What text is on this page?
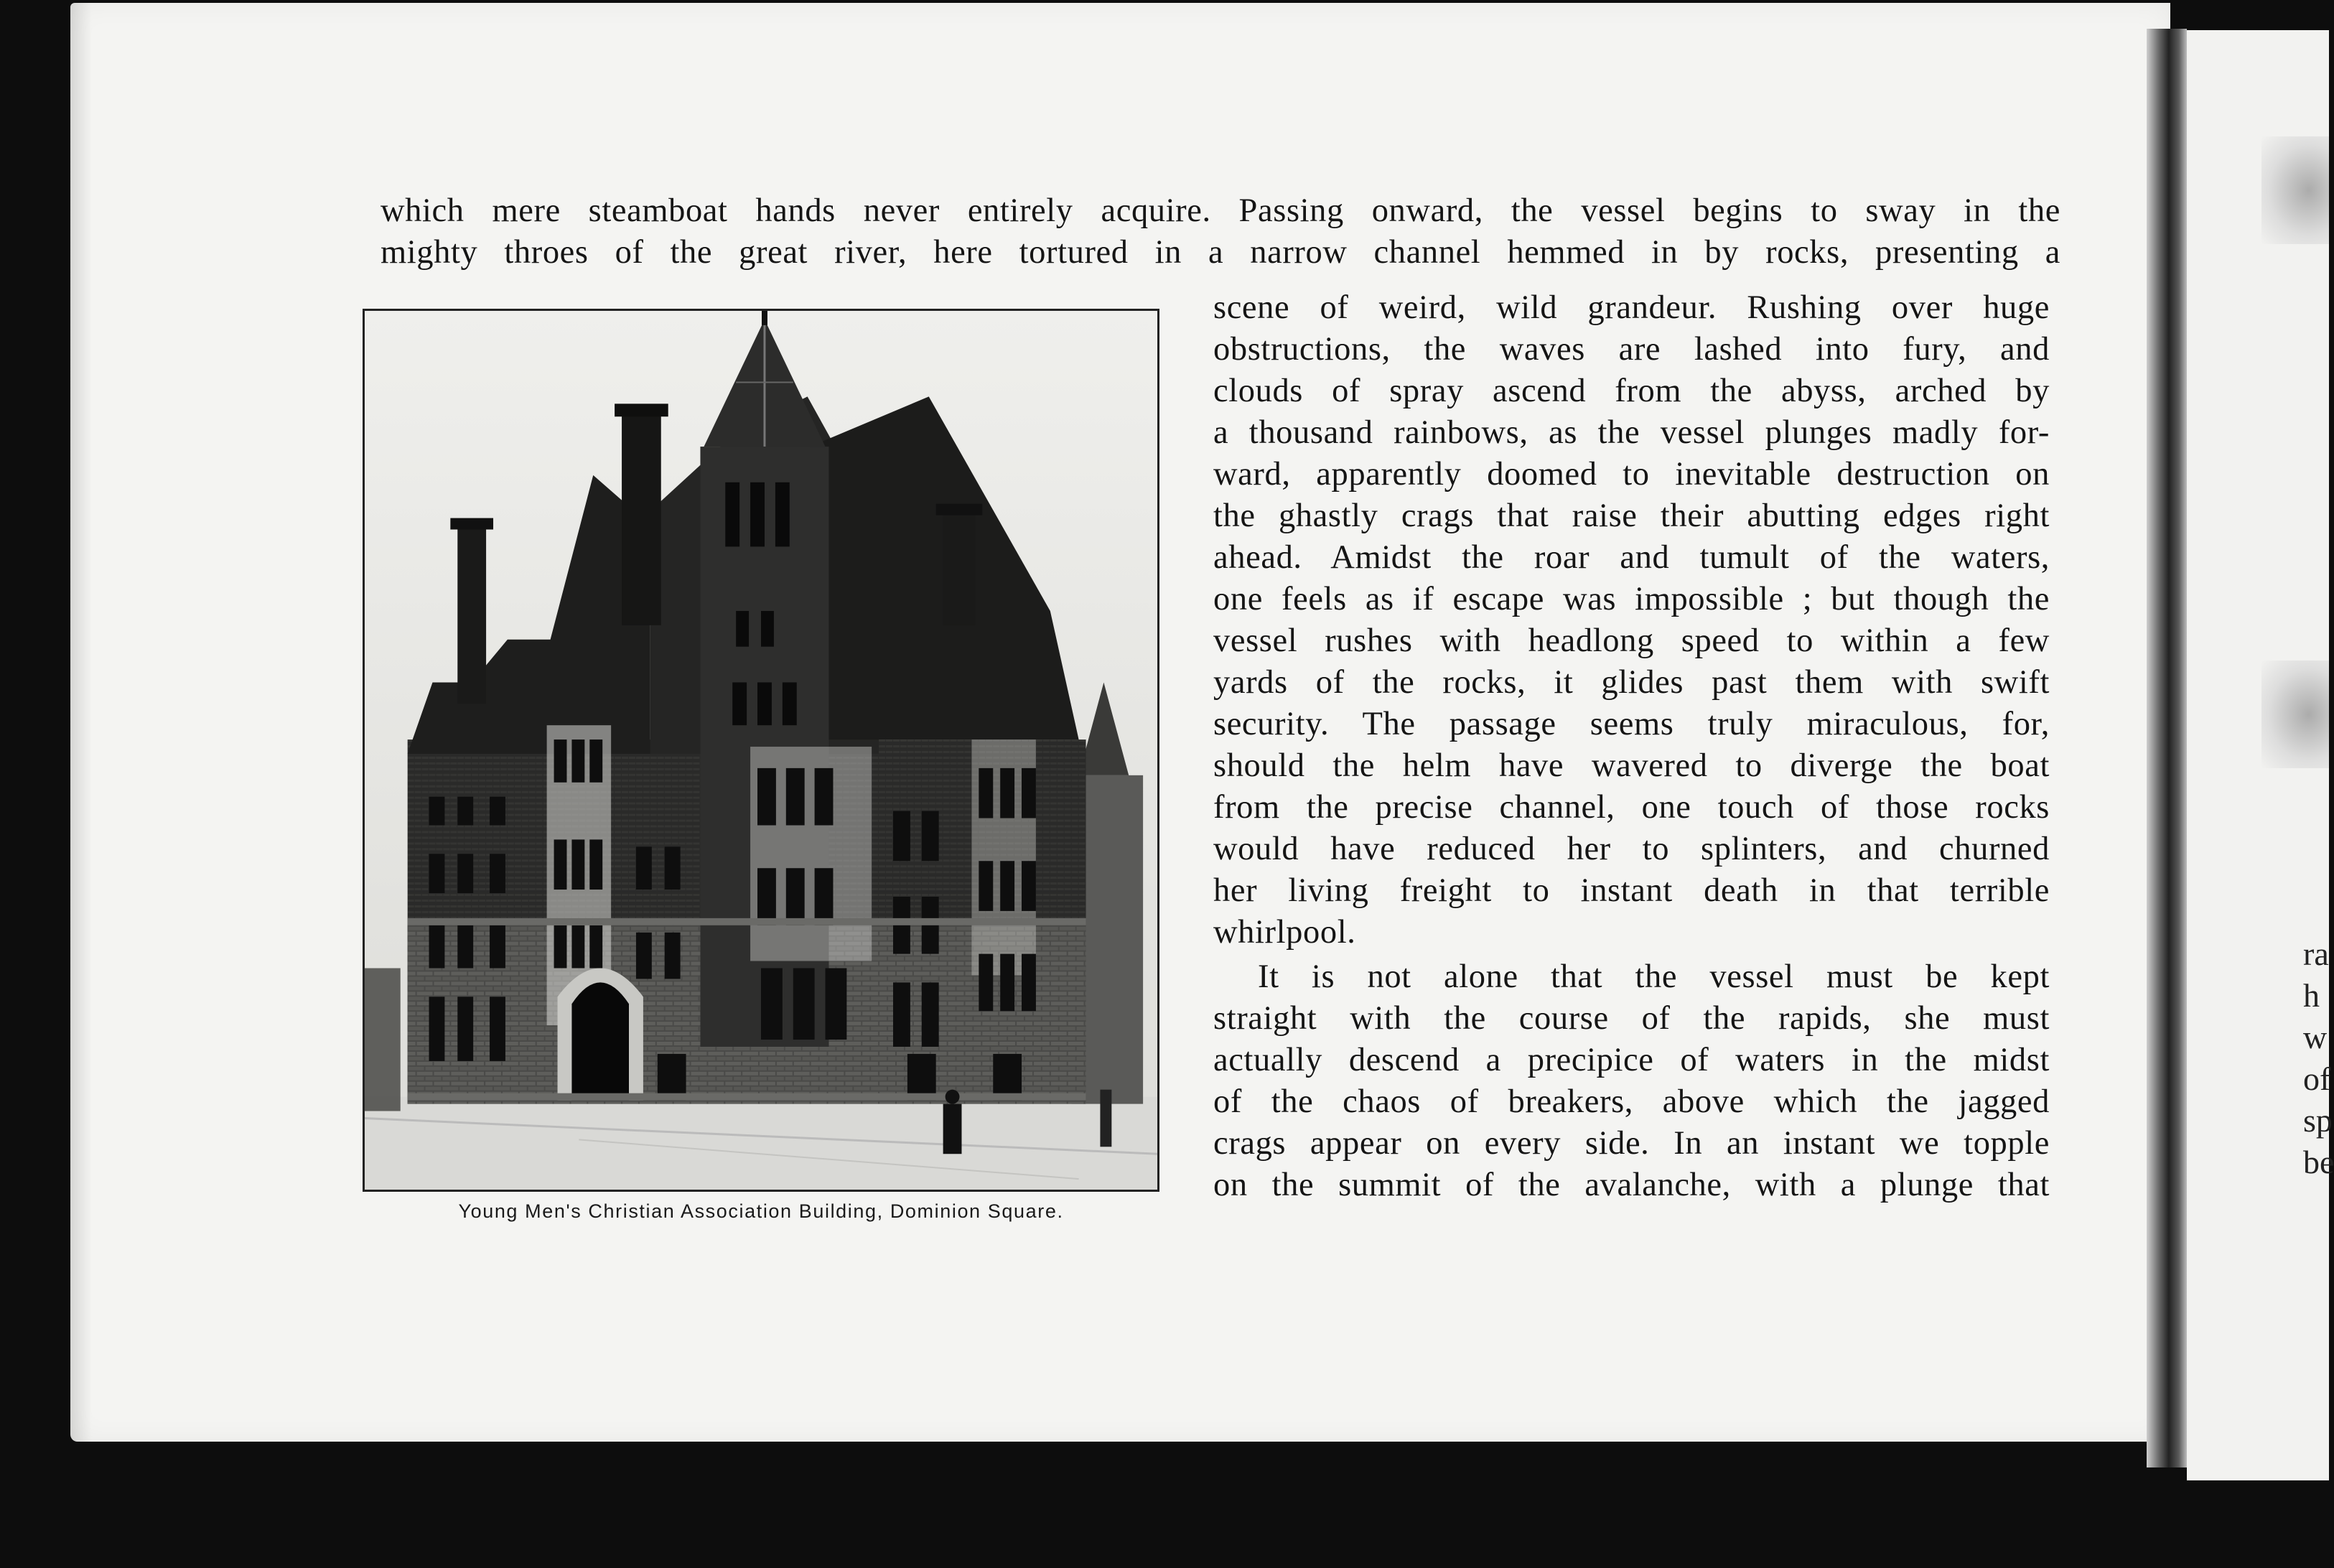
which mere steamboat hands never entirely acquire. Passing onward, the vessel begins to sway in the
mighty throes of the great river, here tortured in a narrow channel hemmed in by rocks, presenting a
Young Men's Christian Association Building, Dominion Square.
scene of weird, wild grandeur. Rushing over huge
obstructions, the waves are lashed into fury, and
clouds of spray ascend from the abyss, arched by
a thousand rainbows, as the vessel plunges madly for-
ward, apparently doomed to inevitable destruction on
the ghastly crags that raise their abutting edges right
ahead. Amidst the roar and tumult of the waters,
one feels as if escape was impossible ; but though the
vessel rushes with headlong speed to within a few
yards of the rocks, it glides past them with swift
security. The passage seems truly miraculous, for,
should the helm have wavered to diverge the boat
from the precise channel, one touch of those rocks
would have reduced her to splinters, and churned
her living freight to instant death in that terrible
whirlpool.
It is not alone that the vessel must be kept
straight with the course of the rapids, she must
actually descend a precipice of waters in the midst
of the chaos of breakers, above which the jagged
crags appear on every side. In an instant we topple
on the summit of the avalanche, with a plunge that
ra
h
w
of
sp
be
